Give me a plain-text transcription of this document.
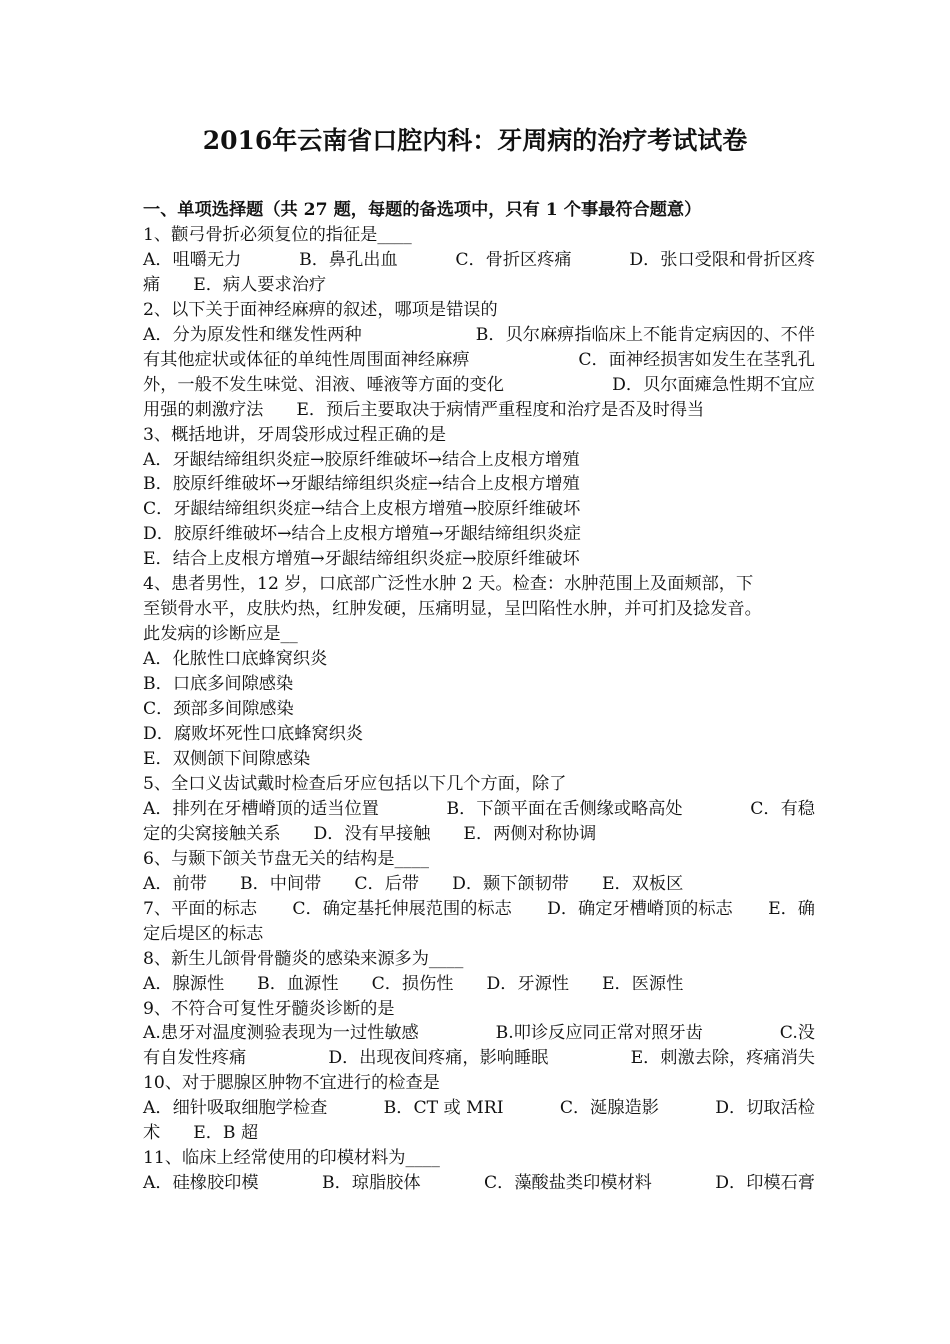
2016年云南省口腔内科：牙周病的治疗考试试卷
一、单项选择题（共 27 题，每题的备选项中，只有 1 个事最符合题意）
1、颧弓骨折必须复位的指征是____
A．咀嚼无力	B．鼻孔出血	C．骨折区疼痛	D．张口受限和骨折区疼
痛 E．病人要求治疗
2、以下关于面神经麻痹的叙述，哪项是错误的
A．分为原发性和继发性两种	B．贝尔麻痹指临床上不能肯定病因的、不伴
有其他症状或体征的单纯性周围面神经麻痹	C．面神经损害如发生在茎乳孔
外，一般不发生味觉、泪液、唾液等方面的变化	D．贝尔面瘫急性期不宜应
用强的刺激疗法 E．预后主要取决于病情严重程度和治疗是否及时得当
3、概括地讲，牙周袋形成过程正确的是
A．牙龈结缔组织炎症→胶原纤维破坏→结合上皮根方增殖
B．胶原纤维破坏→牙龈结缔组织炎症→结合上皮根方增殖
C．牙龈结缔组织炎症→结合上皮根方增殖→胶原纤维破坏
D．胶原纤维破坏→结合上皮根方增殖→牙龈结缔组织炎症
E．结合上皮根方增殖→牙龈结缔组织炎症→胶原纤维破坏
4、患者男性，12 岁，口底部广泛性水肿 2 天。检查：水肿范围上及面颊部，下
至锁骨水平，皮肤灼热，红肿发硬，压痛明显，呈凹陷性水肿，并可扪及捻发音。
此发病的诊断应是__
A．化脓性口底蜂窝织炎
B．口底多间隙感染
C．颈部多间隙感染
D．腐败坏死性口底蜂窝织炎
E．双侧颌下间隙感染
5、全口义齿试戴时检查后牙应包括以下几个方面，除了
A．排列在牙槽嵴顶的适当位置	B．下颌平面在舌侧缘或略高处	C．有稳
定的尖窝接触关系 D．没有早接触 E．两侧对称协调
6、与颞下颌关节盘无关的结构是____
A．前带 B．中间带 C．后带 D．颞下颌韧带 E．双板区
7、平面的标志 C．确定基托伸展范围的标志 D．确定牙槽嵴顶的标志 E．确
定后堤区的标志
8、新生儿颌骨骨髓炎的感染来源多为____
A．腺源性 B．血源性 C．损伤性 D．牙源性 E．医源性
9、不符合可复性牙髓炎诊断的是
A.患牙对温度测验表现为一过性敏感	B.叩诊反应同正常对照牙齿	C.没
有自发性疼痛	D．出现夜间疼痛，影响睡眠	E．刺激去除，疼痛消失
10、对于腮腺区肿物不宜进行的检查是
A．细针吸取细胞学检查	B．CT 或 MRI	C．涎腺造影	D．切取活检
术 E．B 超
11、临床上经常使用的印模材料为____
A．硅橡胶印模	B．琼脂胶体	C．藻酸盐类印模材料	D．印模石膏
